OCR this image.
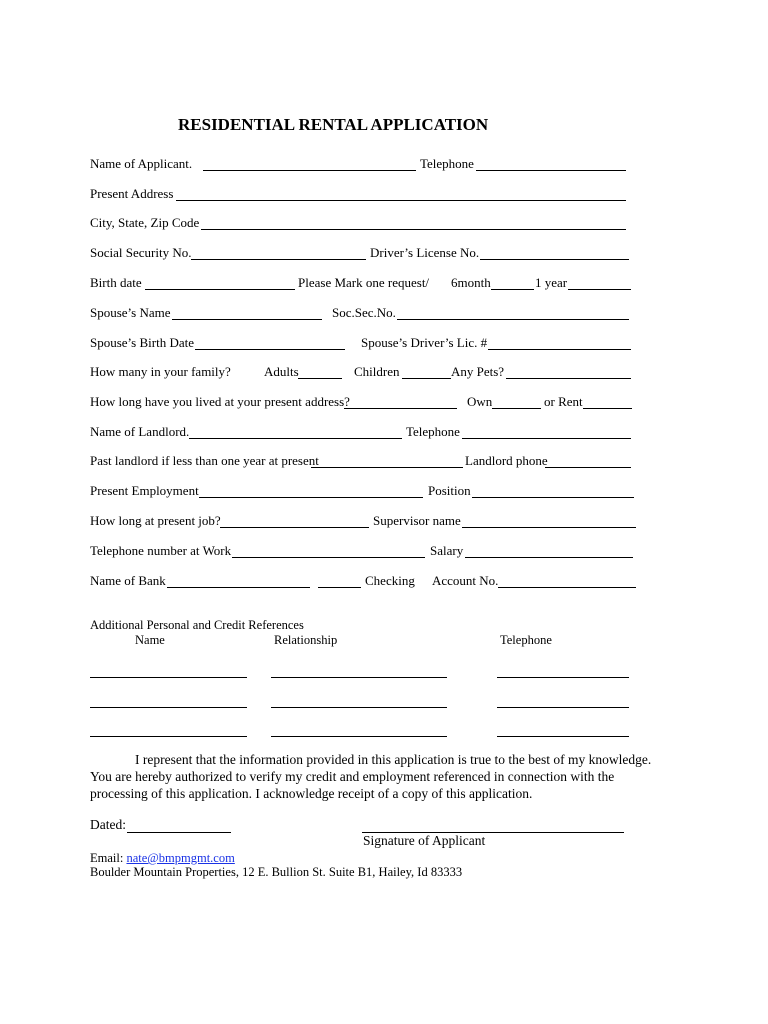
RESIDENTIAL RENTAL APPLICATION
Name of Applicant.	Telephone
Present Address
City, State, Zip Code
Social Security No.	Driver’s License No.
Birth date	Please Mark one request/ 6month	1 year
Spouse’s Name	Soc.Sec.No.
Spouse’s Birth Date	Spouse’s Driver’s Lic. #
How many in your family?	Adults	Children	Any Pets?
How long have you lived at your present address?	Own	or Rent
Name of Landlord.	Telephone
Past landlord if less than one year at present	Landlord phone
Present Employment	Position
How long at present job?	Supervisor name
Telephone number at Work	Salary
Name of Bank	Checking Account No.
Additional Personal and Credit References
Name	Relationship	Telephone

I represent that the information provided in this application is true to the best of my knowledge.

You are hereby authorized to verify my credit and employment referenced in connection with the

processing of this application. I acknowledge receipt of a copy of this application.

Dated:
Signature of Applicant
Email: nate@bmpmgmt.com
Boulder Mountain Properties, 12 E. Bullion St. Suite B1, Hailey, Id 83333
